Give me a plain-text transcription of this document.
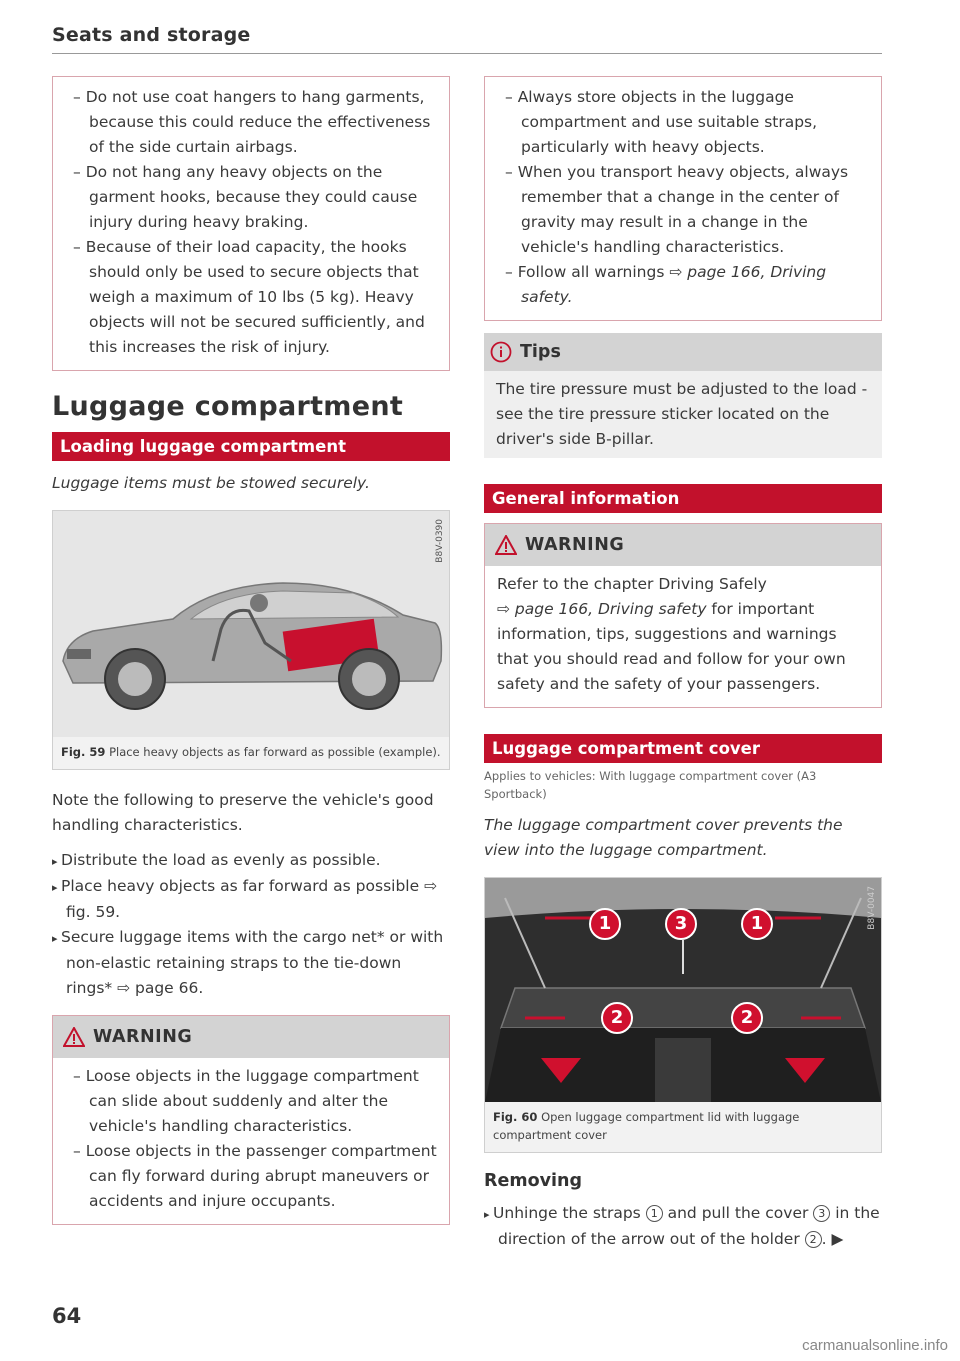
Seats and storage
– Do not use coat hangers to hang garments, because this could reduce the effectiveness of the side curtain airbags.
– Do not hang any heavy objects on the garment hooks, because they could cause injury during heavy braking.
– Because of their load capacity, the hooks should only be used to secure objects that weigh a maximum of 10 lbs (5 kg). Heavy objects will not be secured sufficiently, and this increases the risk of injury.
Luggage compartment
Loading luggage compartment
Luggage items must be stowed securely.
B8V-0390
Fig. 59 Place heavy objects as far forward as possible (example).
Note the following to preserve the vehicle's good handling characteristics.
▸ Distribute the load as evenly as possible.
▸ Place heavy objects as far forward as possible ⇨ fig. 59.
▸ Secure luggage items with the cargo net* or with non-elastic retaining straps to the tie-down rings* ⇨ page 66.
WARNING
– Loose objects in the luggage compartment can slide about suddenly and alter the vehicle's handling characteristics.
– Loose objects in the passenger compartment can fly forward during abrupt maneuvers or accidents and injure occupants.
– Always store objects in the luggage compartment and use suitable straps, particularly with heavy objects.
– When you transport heavy objects, always remember that a change in the center of gravity may result in a change in the vehicle's handling characteristics.
– Follow all warnings ⇨ page 166, Driving safety.
Tips
The tire pressure must be adjusted to the load - see the tire pressure sticker located on the driver's side B-pillar.
General information
WARNING
Refer to the chapter Driving Safely
⇨ page 166, Driving safety for important information, tips, suggestions and warnings that you should read and follow for your own safety and the safety of your passengers.
Luggage compartment cover
Applies to vehicles: With luggage compartment cover (A3 Sportback)
The luggage compartment cover prevents the view into the luggage compartment.
1	3	1
2	2
B8V-0047
Fig. 60 Open luggage compartment lid with luggage compartment cover
Removing
▸ Unhinge the straps 1 and pull the cover 3 in the direction of the arrow out of the holder 2 . ▶
64
carmanualsonline.info
